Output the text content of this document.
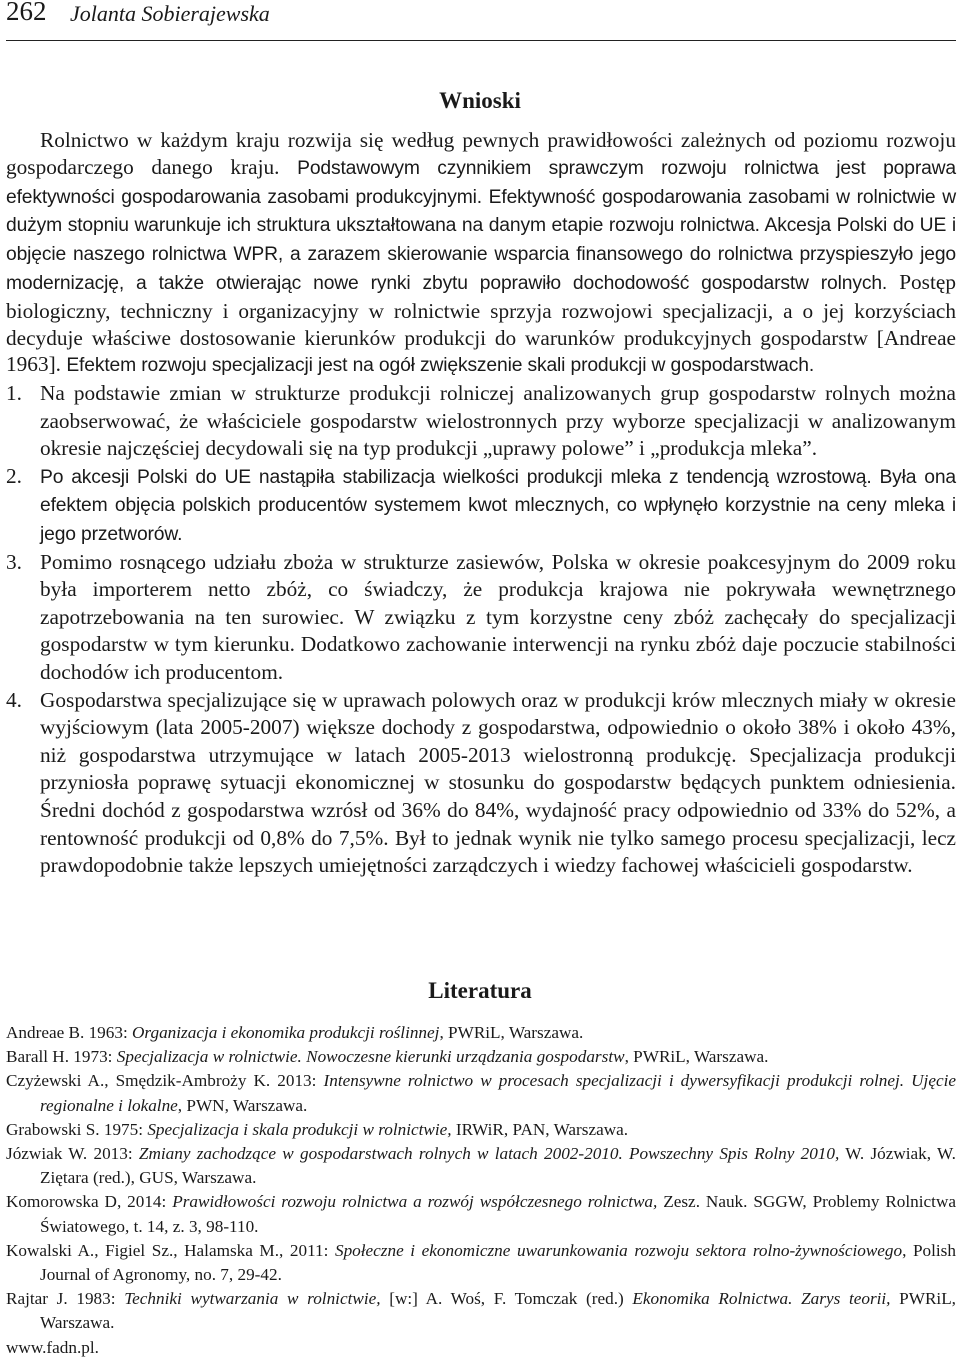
262 Jolanta Sobierajewska
Wnioski

Rolnictwo w każdym kraju rozwija się według pewnych prawidłowości zależnych od poziomu rozwoju gospodarczego danego kraju. Podstawowym czynnikiem sprawczym rozwoju rolnictwa jest poprawa efektywności gospodarowania zasobami produkcyjnymi. Efektywność gospodarowania zasobami w rolnictwie w dużym stopniu warunkuje ich struktura ukształtowana na danym etapie rozwoju rolnictwa. Akcesja Polski do UE i objęcie naszego rolnictwa WPR, a zarazem skierowanie wsparcia finansowego do rolnictwa przyspieszyło jego modernizację, a także otwierając nowe rynki zbytu poprawiło dochodowość gospodarstw rolnych. Postęp biologiczny, techniczny i organizacyjny w rolnictwie sprzyja rozwojowi specjalizacji, a o jej korzyściach decyduje właściwe dostosowanie kierunków produkcji do warunków produkcyjnych gospodarstw [Andreae 1963]. Efektem rozwoju specjalizacji jest na ogół zwiększenie skali produkcji w gospodarstwach.

1. Na podstawie zmian w strukturze produkcji rolniczej analizowanych grup gospodarstw rolnych można zaobserwować, że właściciele gospodarstw wielostronnych przy wyborze specjalizacji w analizowanym okresie najczęściej decydowali się na typ produkcji „uprawy polowe” i „produkcja mleka”.
2. Po akcesji Polski do UE nastąpiła stabilizacja wielkości produkcji mleka z tendencją wzrostową. Była ona efektem objęcia polskich producentów systemem kwot mlecznych, co wpłynęło korzystnie na ceny mleka i jego przetworów.
3. Pomimo rosnącego udziału zboża w strukturze zasiewów, Polska w okresie poakcesyjnym do 2009 roku była importerem netto zbóż, co świadczy, że produkcja krajowa nie pokrywała wewnętrznego zapotrzebowania na ten surowiec. W związku z tym korzystne ceny zbóż zachęcały do specjalizacji gospodarstw w tym kierunku. Dodatkowo zachowanie interwencji na rynku zbóż daje poczucie stabilności dochodów ich producentom.
4. Gospodarstwa specjalizujące się w uprawach polowych oraz w produkcji krów mlecznych miały w okresie wyjściowym (lata 2005-2007) większe dochody z gospodarstwa, odpowiednio o około 38% i około 43%, niż gospodarstwa utrzymujące w latach 2005-2013 wielostronną produkcję. Specjalizacja produkcji przyniosła poprawę sytuacji ekonomicznej w stosunku do gospodarstw będących punktem odniesienia. Średni dochód z gospodarstwa wzrósł od 36% do 84%, wydajność pracy odpowiednio od 33% do 52%, a rentowność produkcji od 0,8% do 7,5%. Był to jednak wynik nie tylko samego procesu specjalizacji, lecz prawdopodobnie także lepszych umiejętności zarządczych i wiedzy fachowej właścicieli gospodarstw.
Literatura
Andreae B. 1963: Organizacja i ekonomika produkcji roślinnej, PWRiL, Warszawa.
Barall H. 1973: Specjalizacja w rolnictwie. Nowoczesne kierunki urządzania gospodarstw, PWRiL, Warszawa.
Czyżewski A., Smędzik-Ambroży K. 2013: Intensywne rolnictwo w procesach specjalizacji i dywersyfikacji produkcji rolnej. Ujęcie regionalne i lokalne, PWN, Warszawa.
Grabowski S. 1975: Specjalizacja i skala produkcji w rolnictwie, IRWiR, PAN, Warszawa.
Józwiak W. 2013: Zmiany zachodzące w gospodarstwach rolnych w latach 2002-2010. Powszechny Spis Rolny 2010, W. Józwiak, W. Ziętara (red.), GUS, Warszawa.
Komorowska D, 2014: Prawidłowości rozwoju rolnictwa a rozwój współczesnego rolnictwa, Zesz. Nauk. SGGW, Problemy Rolnictwa Światowego, t. 14, z. 3, 98-110.
Kowalski A., Figiel Sz., Halamska M., 2011: Społeczne i ekonomiczne uwarunkowania rozwoju sektora rolno-żywnościowego, Polish Journal of Agronomy, no. 7, 29-42.
Rajtar J. 1983: Techniki wytwarzania w rolnictwie, [w:] A. Woś, F. Tomczak (red.) Ekonomika Rolnictwa. Zarys teorii, PWRiL, Warszawa.
www.fadn.pl.
